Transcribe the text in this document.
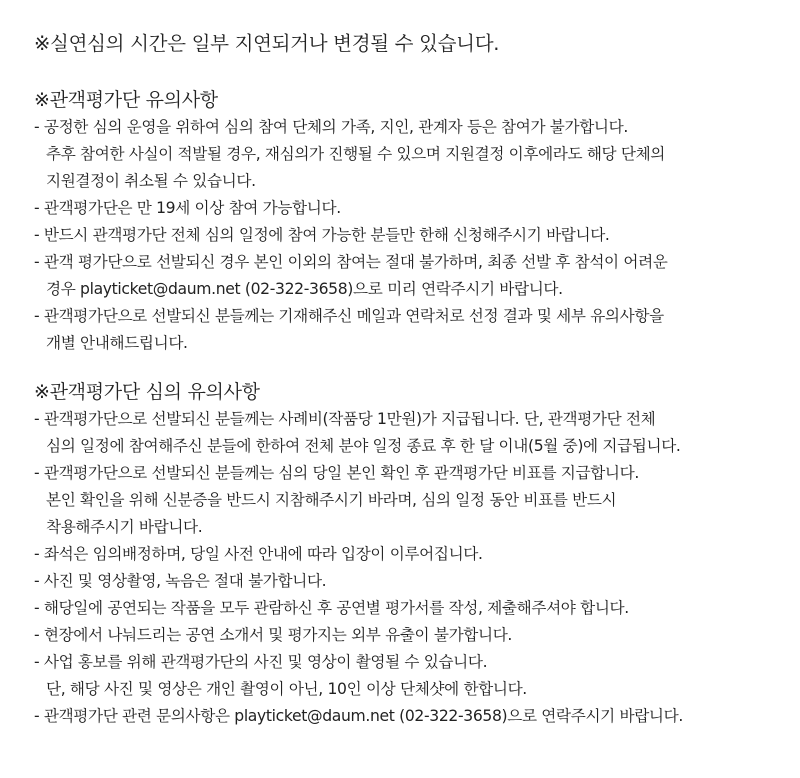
※실연심의 시간은 일부 지연되거나 변경될 수 있습니다.
※관객평가단 유의사항
- 공정한 심의 운영을 위하여 심의 참여 단체의 가족, 지인, 관계자 등은 참여가 불가합니다.
추후 참여한 사실이 적발될 경우, 재심의가 진행될 수 있으며 지원결정 이후에라도 해당 단체의
지원결정이 취소될 수 있습니다.
- 관객평가단은 만 19세 이상 참여 가능합니다.
- 반드시 관객평가단 전체 심의 일정에 참여 가능한 분들만 한해 신청해주시기 바랍니다.
- 관객 평가단으로 선발되신 경우 본인 이외의 참여는 절대 불가하며, 최종 선발 후 참석이 어려운
경우 playticket@daum.net (02-322-3658)으로 미리 연락주시기 바랍니다.
- 관객평가단으로 선발되신 분들께는 기재해주신 메일과 연락처로 선정 결과 및 세부 유의사항을
개별 안내해드립니다.
※관객평가단 심의 유의사항
- 관객평가단으로 선발되신 분들께는 사례비(작품당 1만원)가 지급됩니다. 단, 관객평가단 전체
심의 일정에 참여해주신 분들에 한하여 전체 분야 일정 종료 후 한 달 이내(5월 중)에 지급됩니다.
- 관객평가단으로 선발되신 분들께는 심의 당일 본인 확인 후 관객평가단 비표를 지급합니다.
본인 확인을 위해 신분증을 반드시 지참해주시기 바라며, 심의 일정 동안 비표를 반드시
착용해주시기 바랍니다.
- 좌석은 임의배정하며, 당일 사전 안내에 따라 입장이 이루어집니다.
- 사진 및 영상촬영, 녹음은 절대 불가합니다.
- 해당일에 공연되는 작품을 모두 관람하신 후 공연별 평가서를 작성, 제출해주셔야 합니다.
- 현장에서 나눠드리는 공연 소개서 및 평가지는 외부 유출이 불가합니다.
- 사업 홍보를 위해 관객평가단의 사진 및 영상이 촬영될 수 있습니다.
단, 해당 사진 및 영상은 개인 촬영이 아닌, 10인 이상 단체샷에 한합니다.
- 관객평가단 관련 문의사항은 playticket@daum.net (02-322-3658)으로 연락주시기 바랍니다.
